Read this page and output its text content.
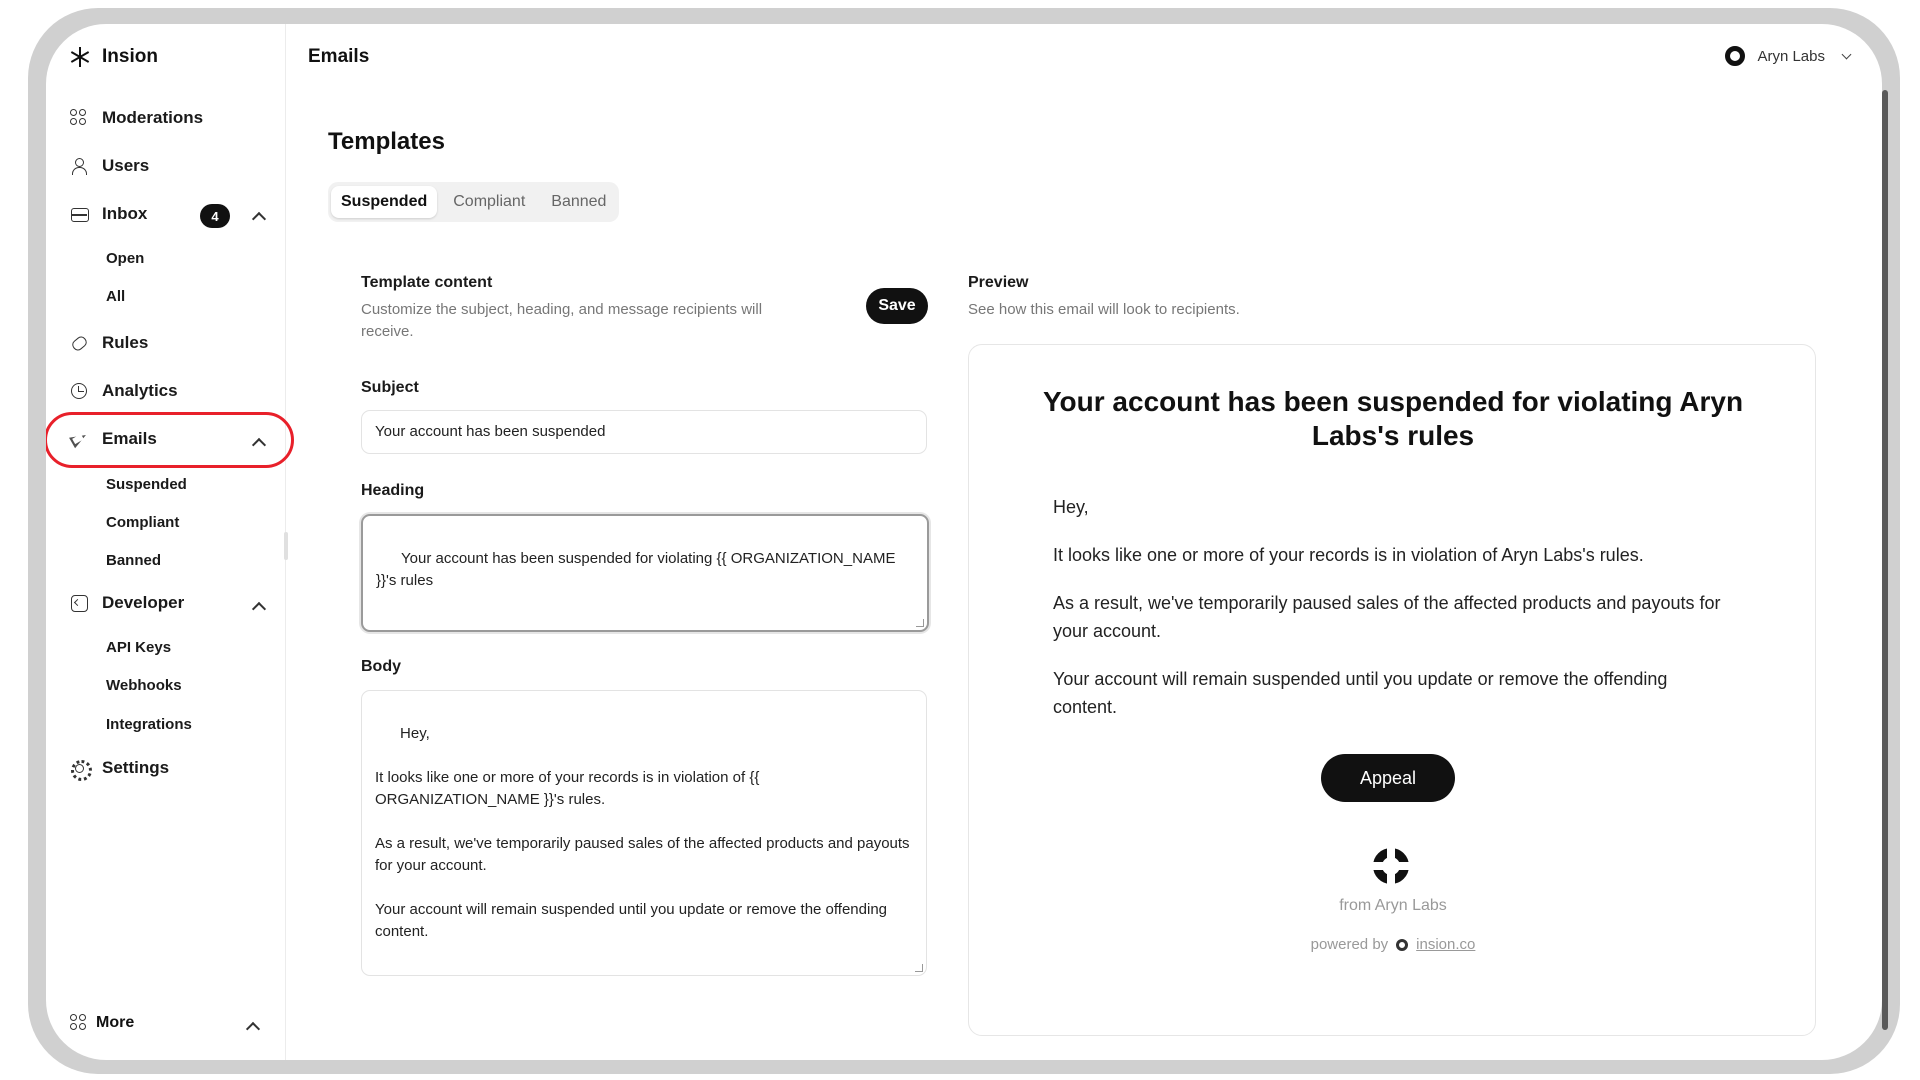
Insion
Moderations
Users
Inbox	4
Open
All
Rules
Analytics
Emails
Suspended
Compliant
Banned
Developer
API Keys
Webhooks
Integrations
Settings
More
Emails	Aryn Labs
Templates
Suspended	Compliant	Banned
Template content
Customize the subject, heading, and message recipients will receive.
Save
Subject
Your account has been suspended
Heading

Your account has been suspended for violating {{ ORGANIZATION_NAME }}'s rules

Body

Hey,

It looks like one or more of your records is in violation of {{ ORGANIZATION_NAME }}'s rules.

As a result, we've temporarily paused sales of the affected products and payouts for your account.

Your account will remain suspended until you update or remove the offending content.

Preview
See how this email will look to recipients.
Your account has been suspended for violating Aryn Labs's rules
Hey,
It looks like one or more of your records is in violation of Aryn Labs's rules.
As a result, we've temporarily paused sales of the affected products and payouts for your account.
Your account will remain suspended until you update or remove the offending content.
Appeal
from Aryn Labs
powered by insion.co
